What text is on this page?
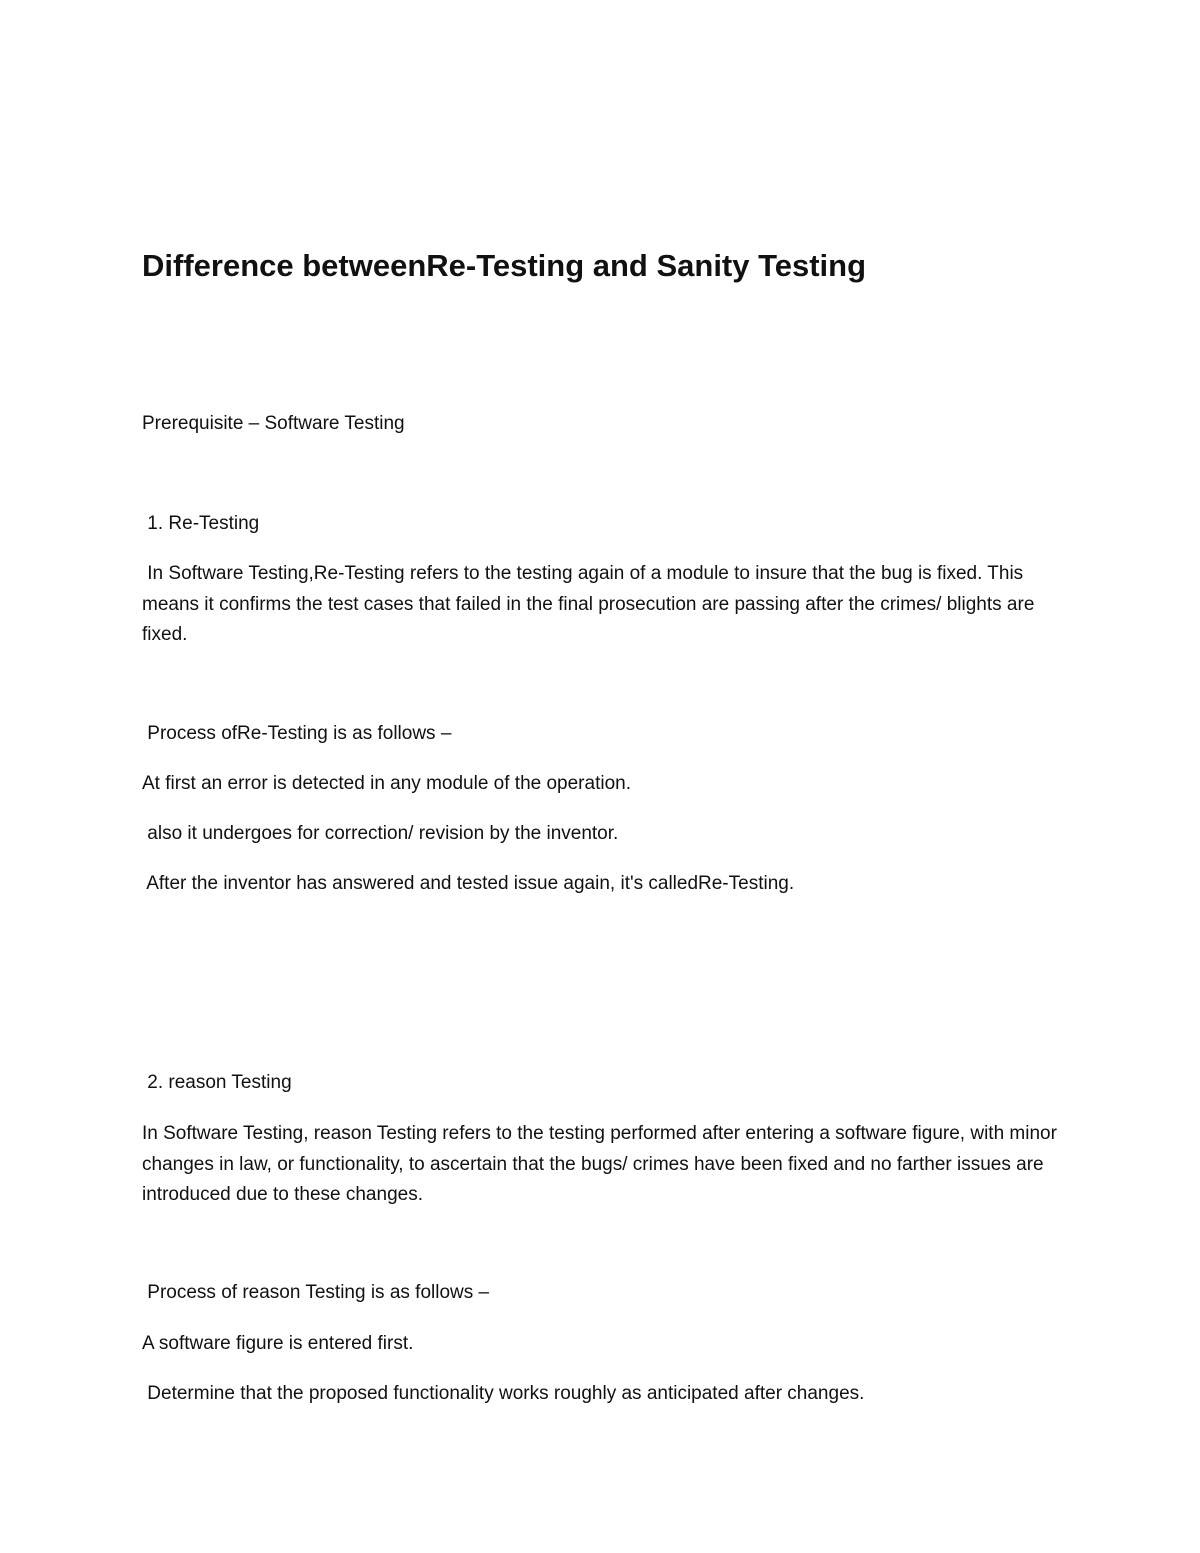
Difference betweenRe-Testing and Sanity Testing

Prerequisite – Software Testing

1. Re-Testing

In Software Testing,Re-Testing refers to the testing again of a module to insure that the bug is fixed. This means it confirms the test cases that failed in the final prosecution are passing after the crimes/ blights are fixed.

Process ofRe-Testing is as follows –

At first an error is detected in any module of the operation.

also it undergoes for correction/ revision by the inventor.

After the inventor has answered and tested issue again, it's calledRe-Testing.

2. reason Testing

In Software Testing, reason Testing refers to the testing performed after entering a software figure, with minor changes in law, or functionality, to ascertain that the bugs/ crimes have been fixed and no farther issues are introduced due to these changes.

Process of reason Testing is as follows –

A software figure is entered first.

Determine that the proposed functionality works roughly as anticipated after changes.
